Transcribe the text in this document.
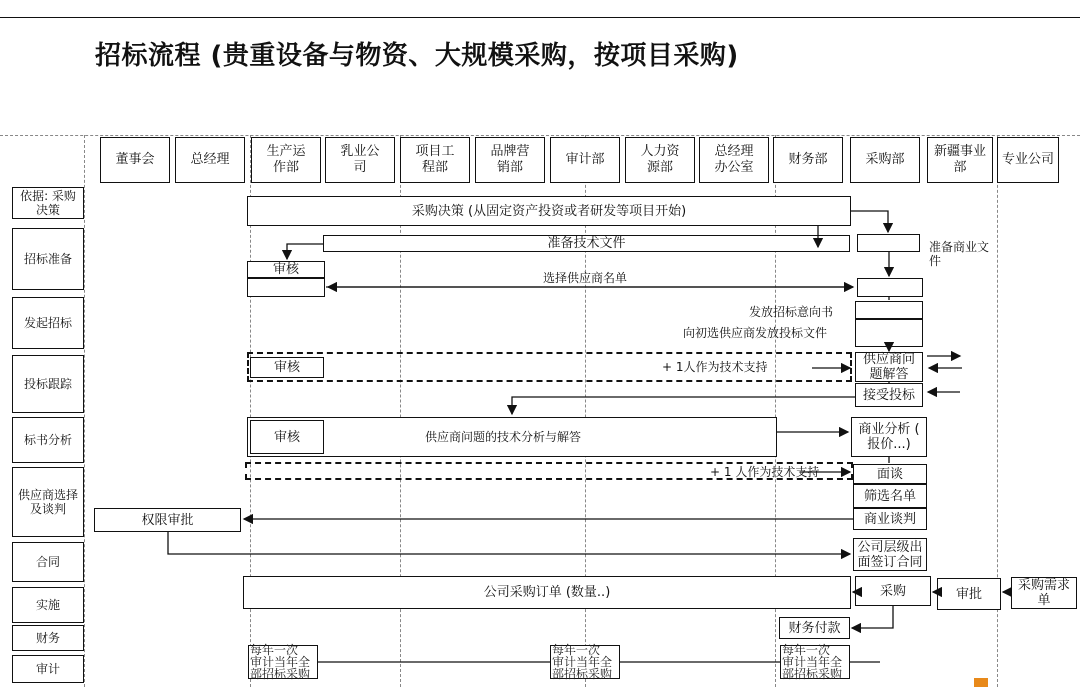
招标流程 (贵重设备与物资、大规模采购，按项目采购)
董事会	总经理
生产运
作部
乳业公
司
项目工
程部
品牌营
销部
审计部
人力资
源部
总经理
办公室
财务部	采购部
新疆事业
部
专业公司
依据: 采购
决策
招标准备
发起招标
投标跟踪
标书分析
供应商选择
及谈判
合同
实施
财务
审计
采购决策 (从固定资产投资或者研发等项目开始)
准备技术文件	准备商业文
件
审核
选择供应商名单
发放招标意向书
向初选供应商发放投标文件
审核	+ 1人作为技术支持	供应商问
题解答
接受投标
审核	供应商问题的技术分析与解答	商业分析 (
报价...)
+ 1 人作为技术支持	面谈
筛选名单
商业谈判
权限审批
公司层级出
面签订合同
公司采购订单 (数量..)	采购	审批
采购需求
单
财务付款
每年一次
审计当年全
部招标采购
每年一次
审计当年全
部招标采购
每年一次
审计当年全
部招标采购
